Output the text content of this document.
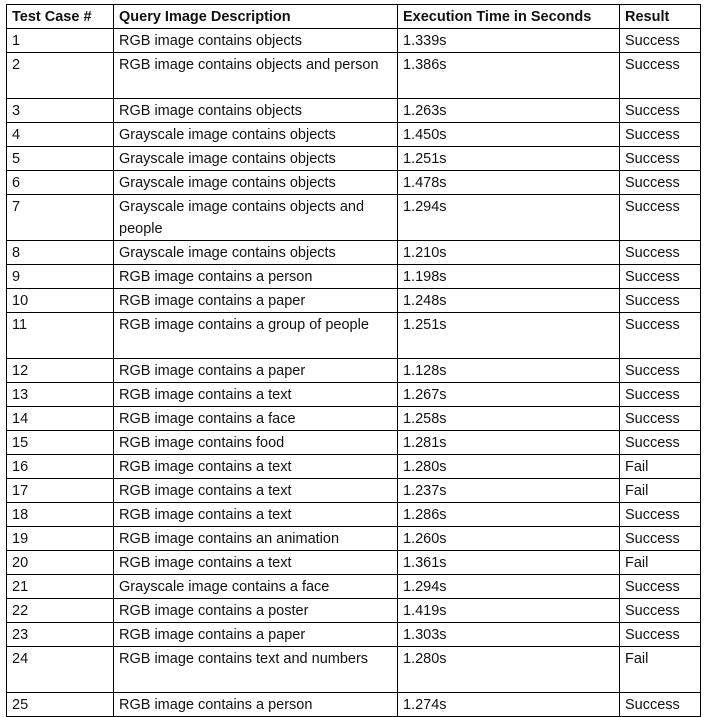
Test Case #	Query Image Description	Execution Time in Seconds	Result
1	RGB image contains objects	1.339s	Success
2	RGB image contains objects and person	1.386s	Success
3	RGB image contains objects	1.263s	Success
4	Grayscale image contains objects	1.450s	Success
5	Grayscale image contains objects	1.251s	Success
6	Grayscale image contains objects	1.478s	Success
7	Grayscale image contains objects and people	1.294s	Success
8	Grayscale image contains objects	1.210s	Success
9	RGB image contains a person	1.198s	Success
10	RGB image contains a paper	1.248s	Success
11	RGB image contains a group of people	1.251s	Success
12	RGB image contains a paper	1.128s	Success
13	RGB image contains a text	1.267s	Success
14	RGB image contains a face	1.258s	Success
15	RGB image contains food	1.281s	Success
16	RGB image contains a text	1.280s	Fail
17	RGB image contains a text	1.237s	Fail
18	RGB image contains a text	1.286s	Success
19	RGB image contains an animation	1.260s	Success
20	RGB image contains a text	1.361s	Fail
21	Grayscale image contains a face	1.294s	Success
22	RGB image contains a poster	1.419s	Success
23	RGB image contains a paper	1.303s	Success
24	RGB image contains text and numbers	1.280s	Fail
25	RGB image contains a person	1.274s	Success
